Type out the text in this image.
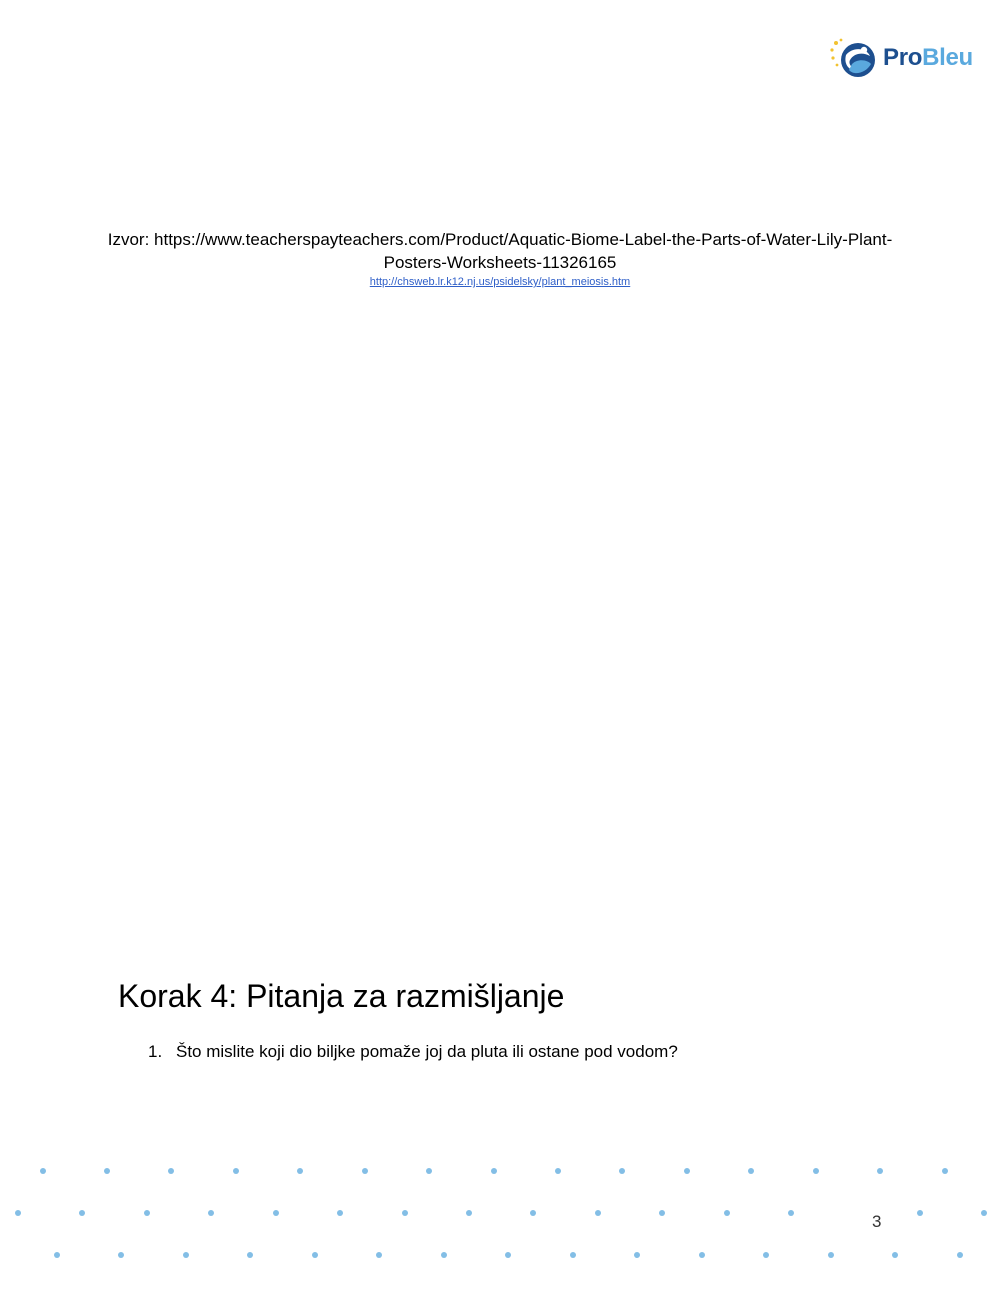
ProBleu
Izvor: https://www.teacherspayteachers.com/Product/Aquatic-Biome-Label-the-Parts-of-Water-Lily-Plant-Posters-Worksheets-11326165
http://chsweb.lr.k12.nj.us/psidelsky/plant_meiosis.htm
Korak 4: Pitanja za razmišljanje
1. Što mislite koji dio biljke pomaže joj da pluta ili ostane pod vodom?
3
